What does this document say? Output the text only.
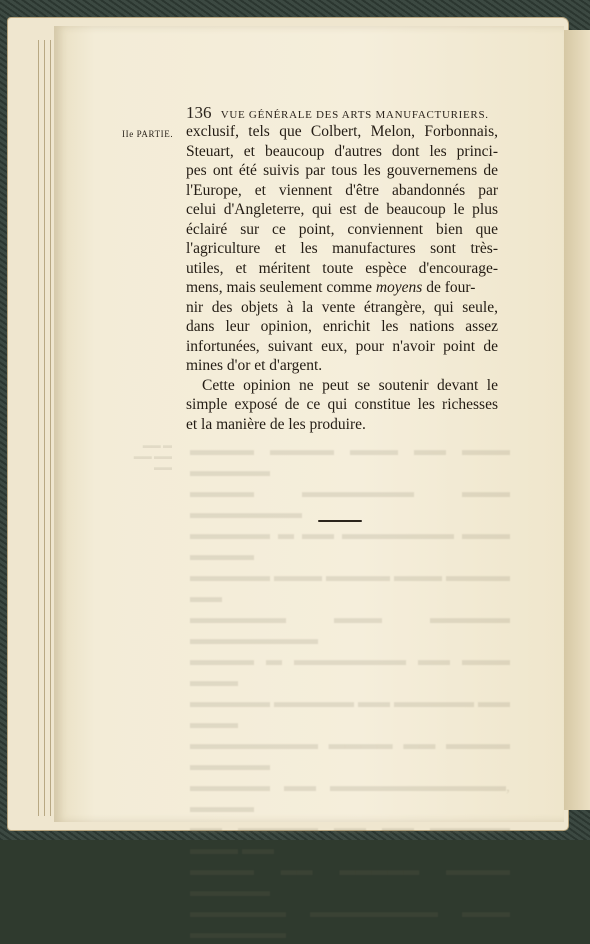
▬▬ ▬
▬▬ ▬▬
▬▬
▬▬▬▬ ▬▬▬▬ ▬▬▬ ▬▬ ▬▬▬ ▬▬▬▬▬
▬▬▬▬ ▬▬▬▬▬▬▬ ▬▬▬ ▬▬▬▬▬▬▬
▬▬▬▬▬ ▬ ▬▬ ▬▬▬▬▬▬▬ ▬▬▬ ▬▬▬▬
▬▬▬▬▬ ▬▬▬ ▬▬▬▬ ▬▬▬ ▬▬▬▬ ▬▬
▬▬▬▬▬▬ ▬▬▬ ▬▬▬▬▬ ▬▬▬▬▬▬▬▬
▬▬▬▬ ▬ ▬▬▬▬▬▬▬ ▬▬ ▬▬▬ ▬▬▬
▬▬▬▬▬ ▬▬▬▬▬ ▬▬ ▬▬▬▬▬ ▬▬ ▬▬▬
▬▬▬▬▬▬▬▬ ▬▬▬▬ ▬▬ ▬▬▬▬ ▬▬▬▬▬
▬▬▬▬▬ ▬▬ ▬▬▬▬▬▬▬▬▬▬▬, ▬▬▬▬
▬▬ ▬▬▬▬▬ ▬▬ ▬▬ ▬▬▬▬▬ ▬▬▬ ▬▬
▬▬▬▬ ▬▬ ▬▬▬▬▬ ▬▬▬▬ ▬▬▬▬▬
▬▬▬▬▬▬ ▬▬▬▬▬▬▬▬ ▬▬▬ ▬▬▬▬▬▬
136 VUE GÉNÉRALE DES ARTS MANUFACTURIERS.
IIe PARTIE. exclusif, tels que Colbert, Melon, Forbonnais,
Steuart, et beaucoup d'autres dont les princi-
pes ont été suivis par tous les gouvernemens de
l'Europe, et viennent d'être abandonnés par
celui d'Angleterre, qui est de beaucoup le plus
éclairé sur ce point, conviennent bien que
l'agriculture et les manufactures sont très-
utiles, et méritent toute espèce d'encourage-
mens, mais seulement comme moyens de four-
nir des objets à la vente étrangère, qui seule,
dans leur opinion, enrichit les nations assez
infortunées, suivant eux, pour n'avoir point de
mines d'or et d'argent.
Cette opinion ne peut se soutenir devant le
simple exposé de ce qui constitue les richesses
et la manière de les produire.
